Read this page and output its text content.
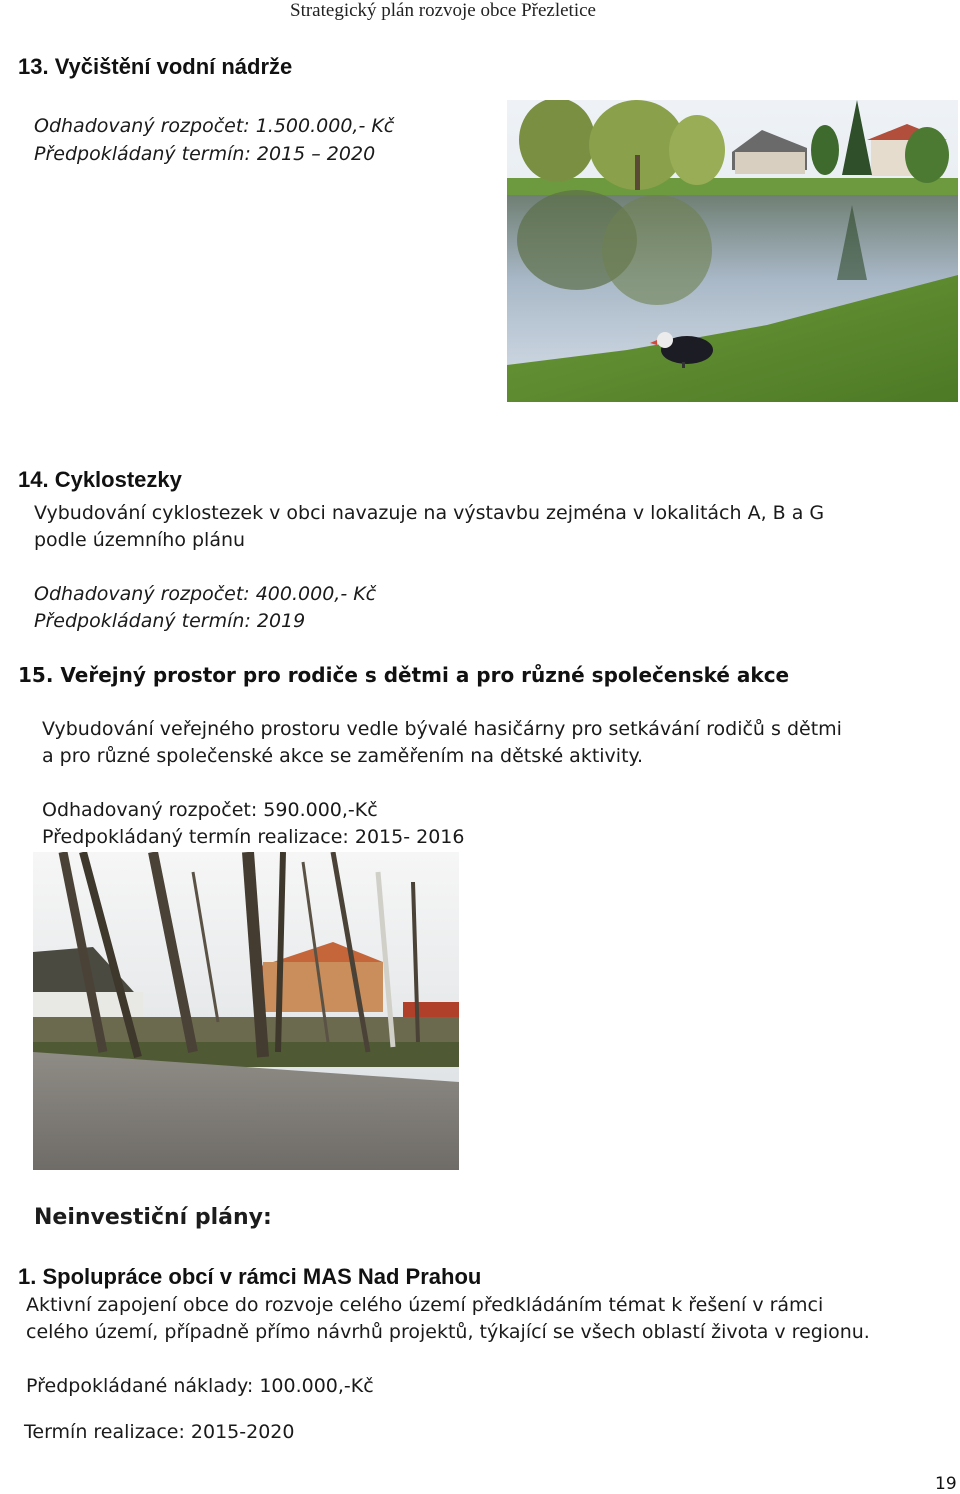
Strategický plán rozvoje obce Přezletice
13. Vyčištění vodní nádrže
Odhadovaný rozpočet: 1.500.000,- Kč
Předpokládaný termín: 2015 – 2020
14. Cyklostezky
Vybudování cyklostezek v obci navazuje na výstavbu zejména v lokalitách A, B a G
podle územního plánu
Odhadovaný rozpočet: 400.000,- Kč
Předpokládaný termín: 2019
15. Veřejný prostor pro rodiče s dětmi a pro různé společenské akce
Vybudování veřejného prostoru vedle bývalé hasičárny pro setkávání rodičů s dětmi
a pro různé společenské akce se zaměřením na dětské aktivity.
Odhadovaný rozpočet: 590.000,-Kč
Předpokládaný termín realizace: 2015- 2016
Neinvestiční plány:
1. Spolupráce obcí v rámci MAS Nad Prahou
Aktivní zapojení obce do rozvoje celého území předkládáním témat k řešení v rámci
celého území, případně přímo návrhů projektů, týkající se všech oblastí života v regionu.
Předpokládané náklady: 100.000,-Kč
Termín realizace: 2015-2020
19
